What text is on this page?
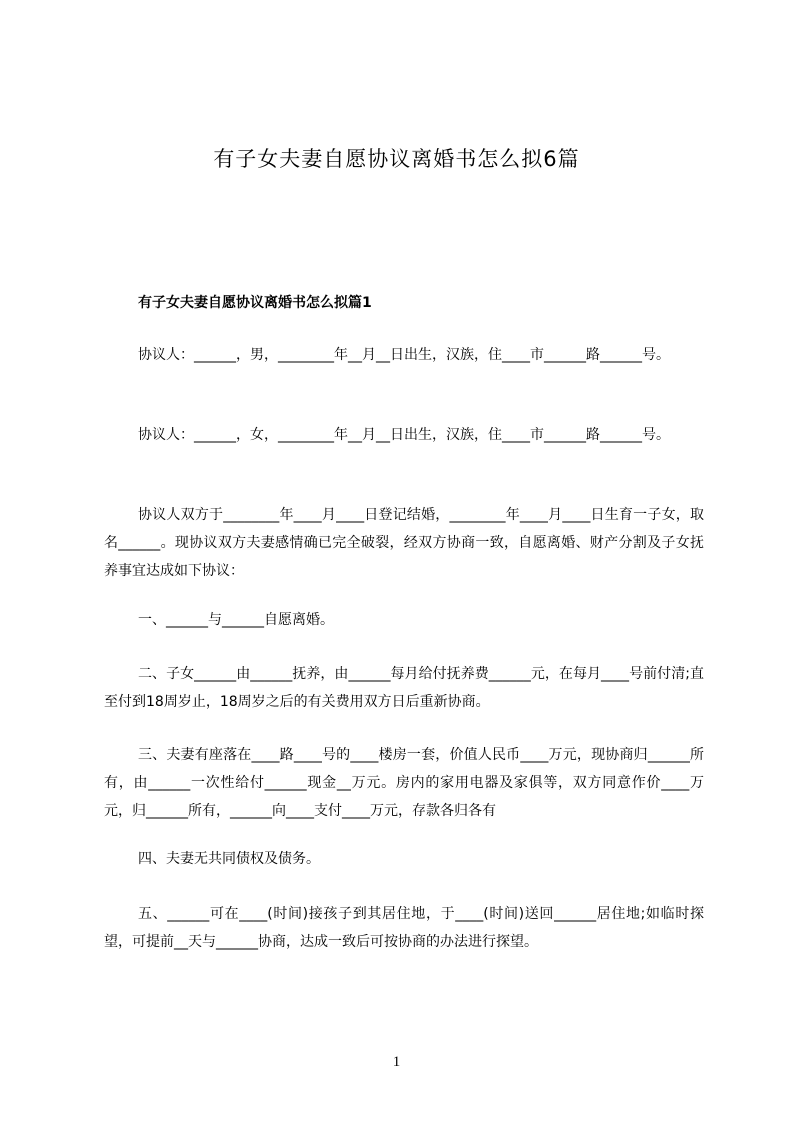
有子女夫妻自愿协议离婚书怎么拟6篇
有子女夫妻自愿协议离婚书怎么拟篇1
协议人：______，男，________年__月__日出生，汉族，住____市______路______号。
协议人：______，女，________年__月__日出生，汉族，住____市______路______号。
协议人双方于________年____月____日登记结婚，________年____月____日生育一子女，取名______。现协议双方夫妻感情确已完全破裂，经双方协商一致，自愿离婚、财产分割及子女抚养事宜达成如下协议：
一、______与______自愿离婚。
二、子女______由______抚养，由______每月给付抚养费______元，在每月____号前付清;直至付到18周岁止，18周岁之后的有关费用双方日后重新协商。
三、夫妻有座落在____路____号的____楼房一套，价值人民币____万元，现协商归______所有，由______一次性给付______现金__万元。房内的家用电器及家俱等，双方同意作价____万元，归______所有，______向____支付____万元，存款各归各有
四、夫妻无共同债权及债务。
五、______可在____(时间)接孩子到其居住地，于____(时间)送回______居住地;如临时探望，可提前__天与______协商，达成一致后可按协商的办法进行探望。
1
